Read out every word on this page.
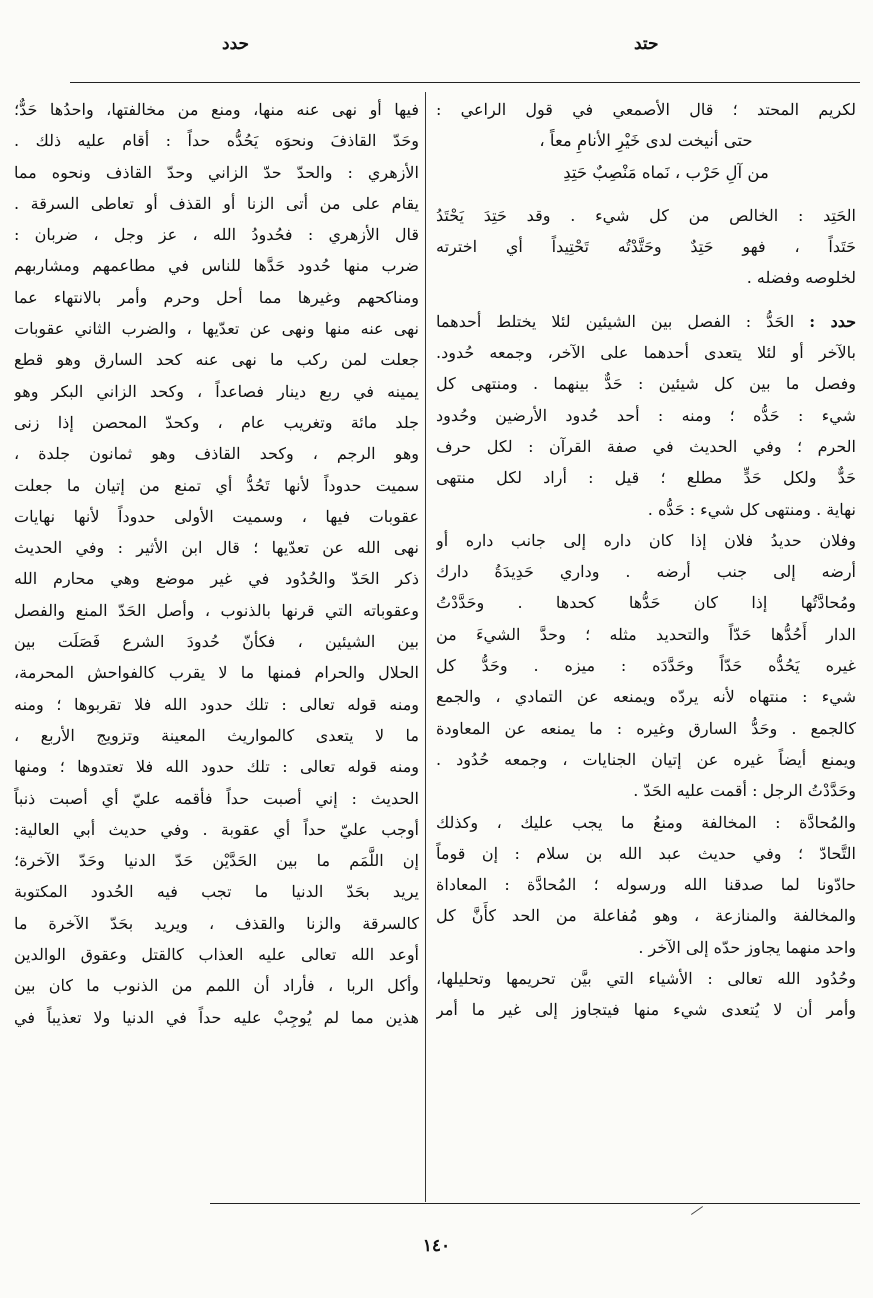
حتد
حدد
لكريم المحتد ؛ قال الأصمعي في قول الراعي :
حتى أنيخت لدى خَيْرِ الأنامِ معاً ،
من آلِ حَرْب ، نَماه مَنْصِبٌ حَتِدِ
الحَتِد : الخالص من كل شيء . وقد حَتِدَ يَحْتَدُ
حَتَداً ، فهو حَتِدٌ وحَتَّدْتُه تَحْتِيداً أي اخترته
لخلوصه وفضله .
حدد : الحَدُّ : الفصل بين الشيئين لئلا يختلط أحدهما
بالآخر أو لئلا يتعدى أحدهما على الآخر، وجمعه حُدود.
وفصل ما بين كل شيئين : حَدٌّ بينهما . ومنتهى كل
شيء : حَدُّه ؛ ومنه : أحد حُدود الأرضين وحُدود
الحرم ؛ وفي الحديث في صفة القرآن : لكل حرف
حَدٌّ ولكل حَدٍّ مطلع ؛ قيل : أراد لكل منتهى
نهاية . ومنتهى كل شيء : حَدُّه .
وفلان حديدُ فلان إذا كان داره إلى جانب داره أو
أرضه إلى جنب أرضه . وداري حَدِيدَةُ دارك
ومُحادَّتُها إذا كان حَدُّها كحدها . وحَدَّدْتُ
الدار أَحُدُّها حَدّاً والتحديد مثله ؛ وحدَّ الشيءَ من
غيره يَحُدُّه حَدّاً وحَدَّدَه : ميزه . وحَدُّ كل
شيء : منتهاه لأنه يردّه ويمنعه عن التمادي ، والجمع
كالجمع . وحَدُّ السارق وغيره : ما يمنعه عن المعاودة
ويمنع أيضاً غيره عن إتيان الجنايات ، وجمعه حُدُود .
وحَدَّدْتُ الرجل : أقمت عليه الحَدّ .
والمُحادَّة : المخالفة ومنعُ ما يجب عليك ، وكذلك
التَّحادّ ؛ وفي حديث عبد الله بن سلام : إن قوماً
حادّونا لما صدقنا الله ورسوله ؛ المُحادَّة : المعاداة
والمخالفة والمنازعة ، وهو مُفاعلة من الحد كأَنَّ كل
واحد منهما يجاوز حدّه إلى الآخر .
وحُدُود الله تعالى : الأشياء التي بيَّن تحريمها وتحليلها،
وأمر أن لا يُتعدى شيء منها فيتجاوز إلى غير ما أمر
فيها أو نهى عنه منها، ومنع من مخالفتها، واحدُها حَدٌّ؛
وحَدّ القاذفَ ونحوَه يَحُدُّه حداً : أقام عليه ذلك .
الأزهري : والحدّ حدّ الزاني وحدّ القاذف ونحوه مما
يقام على من أتى الزنا أو القذف أو تعاطى السرقة .
قال الأزهري : فحُدودُ الله ، عز وجل ، ضربان :
ضرب منها حُدود حَدَّها للناس في مطاعمهم ومشاربهم
ومناكحهم وغيرها مما أحل وحرم وأمر بالانتهاء عما
نهى عنه منها ونهى عن تعدّيها ، والضرب الثاني عقوبات
جعلت لمن ركب ما نهى عنه كحد السارق وهو قطع
يمينه في ربع دينار فصاعداً ، وكحد الزاني البكر وهو
جلد مائة وتغريب عام ، وكحدّ المحصن إذا زنى
وهو الرجم ، وكحد القاذف وهو ثمانون جلدة ،
سميت حدوداً لأنها تَحُدُّ أي تمنع من إتيان ما جعلت
عقوبات فيها ، وسميت الأولى حدوداً لأنها نهايات
نهى الله عن تعدّيها ؛ قال ابن الأثير : وفي الحديث
ذكر الحَدّ والحُدُود في غير موضع وهي محارم الله
وعقوباته التي قرنها بالذنوب ، وأصل الحَدّ المنع والفصل
بين الشيئين ، فكأنّ حُدودَ الشرع فَصَلَت بين
الحلال والحرام فمنها ما لا يقرب كالفواحش المحرمة،
ومنه قوله تعالى : تلك حدود الله فلا تقربوها ؛ ومنه
ما لا يتعدى كالمواريث المعينة وتزويج الأربع ،
ومنه قوله تعالى : تلك حدود الله فلا تعتدوها ؛ ومنها
الحديث : إني أصبت حداً فأقمه عليّ أي أصبت ذنباً
أوجب عليّ حداً أي عقوبة . وفي حديث أبي العالية:
إن اللَّمَم ما بين الحَدَّيْن حَدّ الدنيا وحَدّ الآخرة؛
يريد بحَدّ الدنيا ما تجب فيه الحُدود المكتوبة
كالسرقة والزنا والقذف ، ويريد بحَدّ الآخرة ما
أوعد الله تعالى عليه العذاب كالقتل وعقوق الوالدين
وأكل الربا ، فأراد أن اللمم من الذنوب ما كان بين
هذين مما لم يُوجِبْ عليه حداً في الدنيا ولا تعذيباً في
١٤٠
